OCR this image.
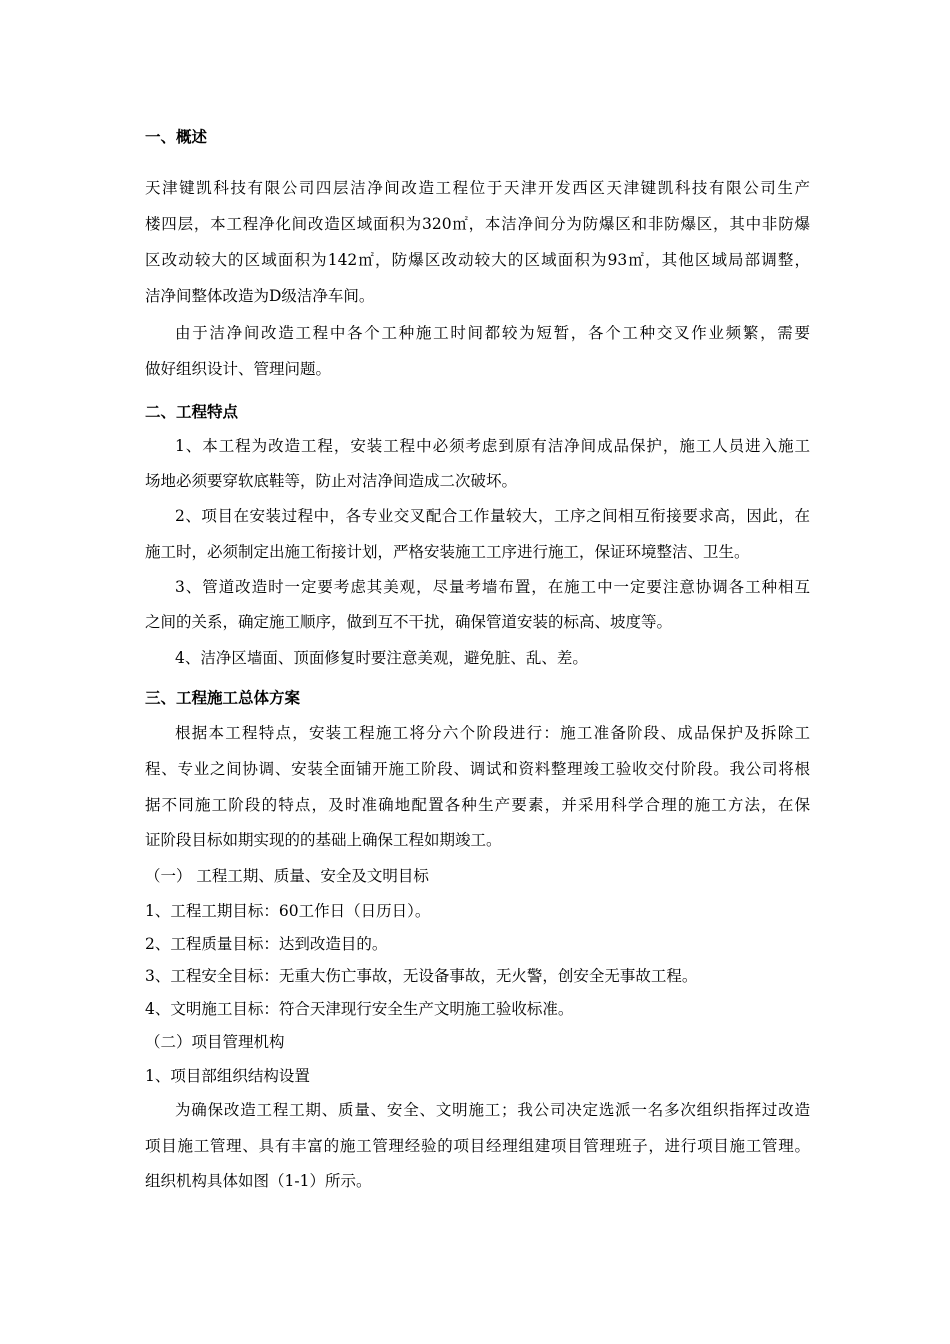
一、概述
天津键凯科技有限公司四层洁净间改造工程位于天津开发西区天津键凯科技有限公司生产
楼四层，本工程净化间改造区域面积为320㎡，本洁净间分为防爆区和非防爆区，其中非防爆
区改动较大的区域面积为142㎡，防爆区改动较大的区域面积为93㎡，其他区域局部调整，
洁净间整体改造为D级洁净车间。
由于洁净间改造工程中各个工种施工时间都较为短暂，各个工种交叉作业频繁，需要
做好组织设计、管理问题。
二、工程特点
1、本工程为改造工程，安装工程中必须考虑到原有洁净间成品保护，施工人员进入施工
场地必须要穿软底鞋等，防止对洁净间造成二次破坏。
2、项目在安装过程中，各专业交叉配合工作量较大，工序之间相互衔接要求高，因此，在
施工时，必须制定出施工衔接计划，严格安装施工工序进行施工，保证环境整洁、卫生。
3、管道改造时一定要考虑其美观，尽量考墙布置，在施工中一定要注意协调各工种相互
之间的关系，确定施工顺序，做到互不干扰，确保管道安装的标高、坡度等。
4、洁净区墙面、顶面修复时要注意美观，避免脏、乱、差。
三、工程施工总体方案
根据本工程特点，安装工程施工将分六个阶段进行：施工准备阶段、成品保护及拆除工
程、专业之间协调、安装全面铺开施工阶段、调试和资料整理竣工验收交付阶段。我公司将根
据不同施工阶段的特点，及时准确地配置各种生产要素，并采用科学合理的施工方法，在保
证阶段目标如期实现的的基础上确保工程如期竣工。
（一） 工程工期、质量、安全及文明目标
1、工程工期目标：60工作日（日历日）。
2、工程质量目标：达到改造目的。
3、工程安全目标：无重大伤亡事故，无设备事故，无火警，创安全无事故工程。
4、文明施工目标：符合天津现行安全生产文明施工验收标准。
（二）项目管理机构
1、项目部组织结构设置
为确保改造工程工期、质量、安全、文明施工；我公司决定选派一名多次组织指挥过改造
项目施工管理、具有丰富的施工管理经验的项目经理组建项目管理班子，进行项目施工管理。
组织机构具体如图（1-1）所示。
